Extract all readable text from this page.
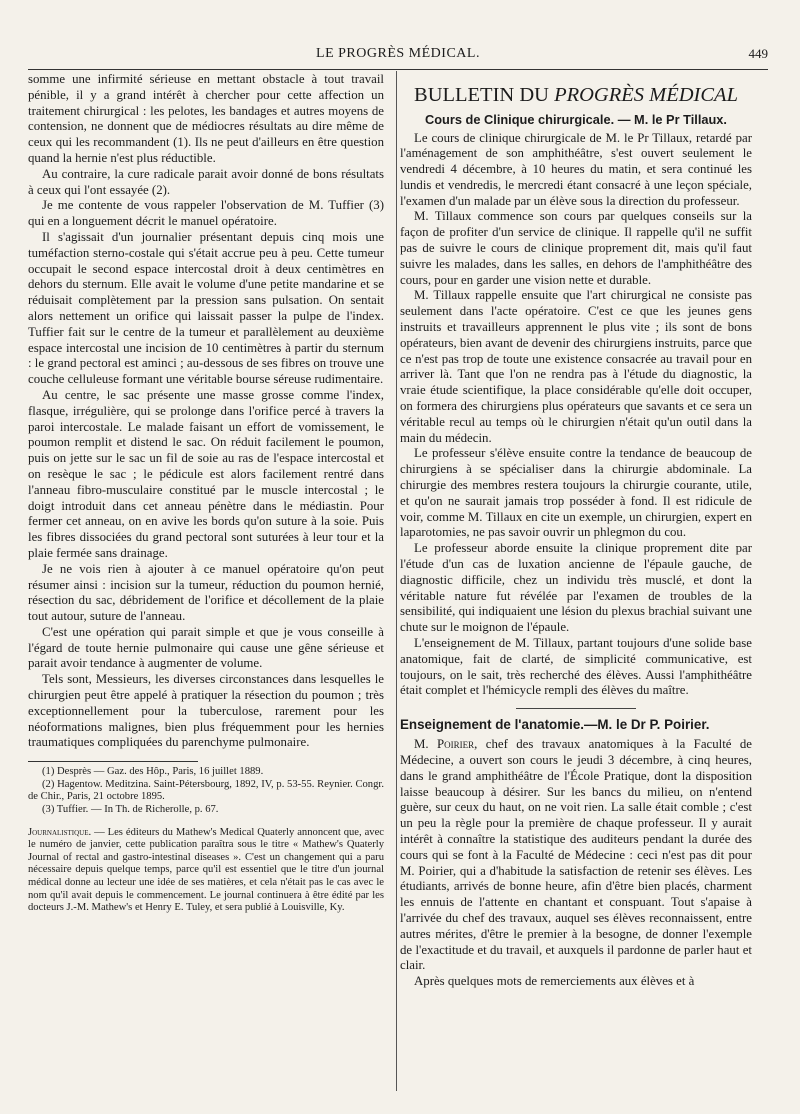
LE PROGRÈS MÉDICAL.	449

somme une infirmité sérieuse en mettant obstacle à tout travail pénible, il y a grand intérêt à chercher pour cette affection un traitement chirurgical : les pelotes, les bandages et autres moyens de contension, ne donnent que de médiocres résultats au dire même de ceux qui les recommandent (1). Ils ne peut d'ailleurs en être question quand la hernie n'est plus réductible.

Au contraire, la cure radicale parait avoir donné de bons résultats à ceux qui l'ont essayée (2).

Je me contente de vous rappeler l'observation de M. Tuffier (3) qui en a longuement décrit le manuel opératoire.

Il s'agissait d'un journalier présentant depuis cinq mois une tuméfaction sterno-costale qui s'était accrue peu à peu. Cette tumeur occupait le second espace intercostal droit à deux centimètres en dehors du sternum. Elle avait le volume d'une petite mandarine et se réduisait complètement par la pression sans pulsation. On sentait alors nettement un orifice qui laissait passer la pulpe de l'index. Tuffier fait sur le centre de la tumeur et parallèlement au deuxième espace intercostal une incision de 10 centimètres à partir du sternum : le grand pectoral est aminci ; au-dessous de ses fibres on trouve une couche celluleuse formant une véritable bourse séreuse rudimentaire.

Au centre, le sac présente une masse grosse comme l'index, flasque, irrégulière, qui se prolonge dans l'orifice percé à travers la paroi intercostale. Le malade faisant un effort de vomissement, le poumon remplit et distend le sac. On réduit facilement le poumon, puis on jette sur le sac un fil de soie au ras de l'espace intercostal et on resèque le sac ; le pédicule est alors facilement rentré dans l'anneau fibro-musculaire constitué par le muscle intercostal ; le doigt introduit dans cet anneau pénètre dans le médiastin. Pour fermer cet anneau, on en avive les bords qu'on suture à la soie. Puis les fibres dissociées du grand pectoral sont suturées à leur tour et la plaie fermée sans drainage.

Je ne vois rien à ajouter à ce manuel opératoire qu'on peut résumer ainsi : incision sur la tumeur, réduction du poumon hernié, résection du sac, débridement de l'orifice et décollement de la plaie tout autour, suture de l'anneau.

C'est une opération qui parait simple et que je vous conseille à l'égard de toute hernie pulmonaire qui cause une gêne sérieuse et parait avoir tendance à augmenter de volume.

Tels sont, Messieurs, les diverses circonstances dans lesquelles le chirurgien peut être appelé à pratiquer la résection du poumon ; très exceptionnellement pour la tuberculose, rarement pour les néoformations malignes, bien plus fréquemment pour les hernies traumatiques compliquées du parenchyme pulmonaire.

(1) Desprès — Gaz. des Hôp., Paris, 16 juillet 1889.

(2) Hagentow. Meditzina. Saint-Pétersbourg, 1892, IV, p. 53-55. Reynier. Congr. de Chir., Paris, 21 octobre 1895.

(3) Tuffier. — In Th. de Richerolle, p. 67.

Journalistique. — Les éditeurs du Mathew's Medical Quaterly annoncent que, avec le numéro de janvier, cette publication paraîtra sous le titre « Mathew's Quaterly Journal of rectal and gastro-intestinal diseases ». C'est un changement qui a paru nécessaire depuis quelque temps, parce qu'il est essentiel que le titre d'un journal médical donne au lecteur une idée de ses matières, et cela n'était pas le cas avec le nom qu'il avait depuis le commencement. Le journal continuera à être édité par les docteurs J.-M. Mathew's et Henry E. Tuley, et sera publié à Louisville, Ky.
BULLETIN DU PROGRÈS MÉDICAL
Cours de Clinique chirurgicale. — M. le Pr Tillaux.

Le cours de clinique chirurgicale de M. le Pr Tillaux, retardé par l'aménagement de son amphithéâtre, s'est ouvert seulement le vendredi 4 décembre, à 10 heures du matin, et sera continué les lundis et vendredis, le mercredi étant consacré à une leçon spéciale, l'examen d'un malade par un élève sous la direction du professeur.

M. Tillaux commence son cours par quelques conseils sur la façon de profiter d'un service de clinique. Il rappelle qu'il ne suffit pas de suivre le cours de clinique proprement dit, mais qu'il faut suivre les malades, dans les salles, en dehors de l'amphithéâtre des cours, pour en garder une vision nette et durable.

M. Tillaux rappelle ensuite que l'art chirurgical ne consiste pas seulement dans l'acte opératoire. C'est ce que les jeunes gens instruits et travailleurs apprennent le plus vite ; ils sont de bons opérateurs, bien avant de devenir des chirurgiens instruits, parce que ce n'est pas trop de toute une existence consacrée au travail pour en arriver là. Tant que l'on ne rendra pas à l'étude du diagnostic, la vraie étude scientifique, la place considérable qu'elle doit occuper, on formera des chirurgiens plus opérateurs que savants et ce sera un véritable recul au temps où le chirurgien n'était qu'un outil dans la main du médecin.

Le professeur s'élève ensuite contre la tendance de beaucoup de chirurgiens à se spécialiser dans la chirurgie abdominale. La chirurgie des membres restera toujours la chirurgie courante, utile, et qu'on ne saurait jamais trop posséder à fond. Il est ridicule de voir, comme M. Tillaux en cite un exemple, un chirurgien, expert en laparotomies, ne pas savoir ouvrir un phlegmon du cou.

Le professeur aborde ensuite la clinique proprement dite par l'étude d'un cas de luxation ancienne de l'épaule gauche, de diagnostic difficile, chez un individu très musclé, et dont la véritable nature fut révélée par l'examen de troubles de la sensibilité, qui indiquaient une lésion du plexus brachial suivant une chute sur le moignon de l'épaule.

L'enseignement de M. Tillaux, partant toujours d'une solide base anatomique, fait de clarté, de simplicité communicative, est toujours, on le sait, très recherché des élèves. Aussi l'amphithéâtre était complet et l'hémicycle rempli des élèves du maître.

Enseignement de l'anatomie.—M. le Dr P. Poirier.

M. Poirier, chef des travaux anatomiques à la Faculté de Médecine, a ouvert son cours le jeudi 3 décembre, à cinq heures, dans le grand amphithéâtre de l'École Pratique, dont la disposition laisse beaucoup à désirer. Sur les bancs du milieu, on n'entend guère, sur ceux du haut, on ne voit rien. La salle était comble ; c'est un peu la règle pour la première de chaque professeur. Il y aurait intérêt à connaître la statistique des auditeurs pendant la durée des cours qui se font à la Faculté de Médecine : ceci n'est pas dit pour M. Poirier, qui a d'habitude la satisfaction de retenir ses élèves. Les étudiants, arrivés de bonne heure, afin d'être bien placés, charment les ennuis de l'attente en chantant et conspuant. Tout s'apaise à l'arrivée du chef des travaux, auquel ses élèves reconnaissent, entre autres mérites, d'être le premier à la besogne, de donner l'exemple de l'exactitude et du travail, et auxquels il pardonne de parler haut et clair.

Après quelques mots de remerciements aux élèves et à
